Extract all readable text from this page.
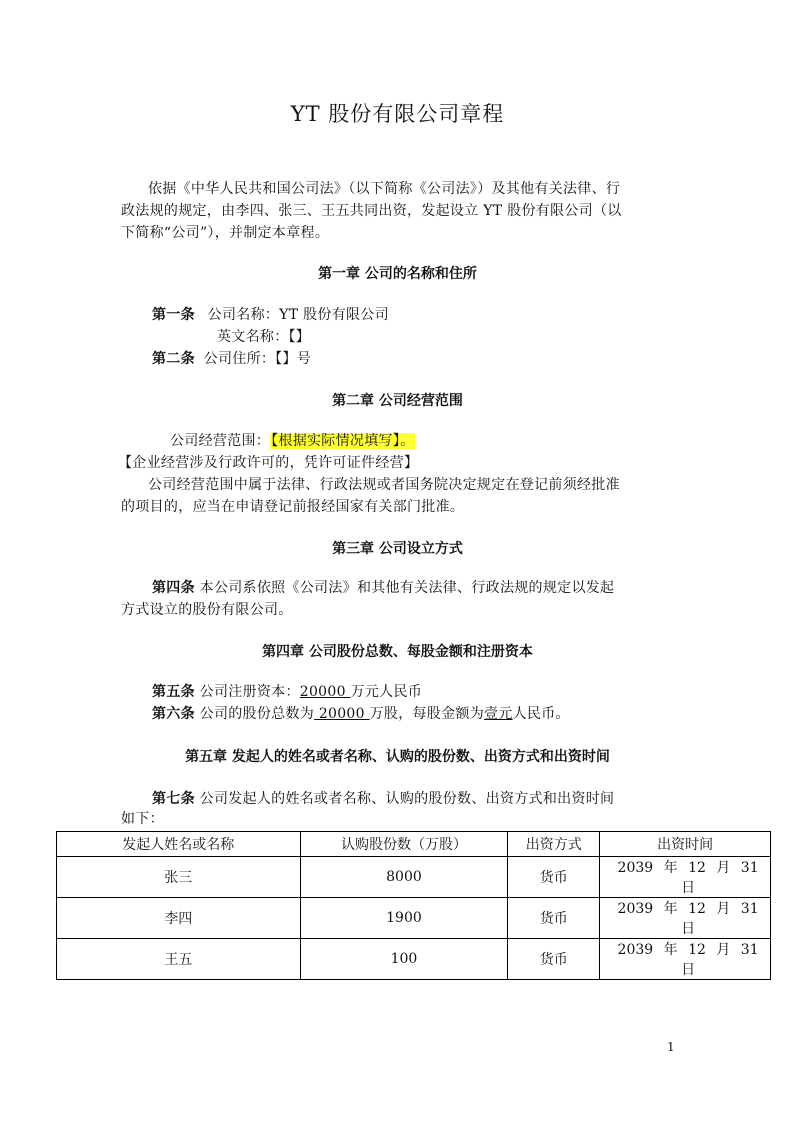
YT 股份有限公司章程
依据《中华人民共和国公司法》（以下简称《公司法》）及其他有关法律、行
政法规的规定，由李四、张三、王五共同出资，发起设立 YT 股份有限公司（以
下简称“公司”），并制定本章程。
第一章 公司的名称和住所
第一条 公司名称：YT 股份有限公司
英文名称：【】
第二条 公司住所：【】号
第二章 公司经营范围
公司经营范围：【根据实际情况填写】。
【企业经营涉及行政许可的，凭许可证件经营】
公司经营范围中属于法律、行政法规或者国务院决定规定在登记前须经批准
的项目的，应当在申请登记前报经国家有关部门批准。
第三章 公司设立方式
第四条 本公司系依照《公司法》和其他有关法律、行政法规的规定以发起
方式设立的股份有限公司。
第四章 公司股份总数、每股金额和注册资本
第五条 公司注册资本：20000 万元人民币
第六条 公司的股份总数为 20000 万股，每股金额为壹元人民币。
第五章 发起人的姓名或者名称、认购的股份数、出资方式和出资时间
第七条 公司发起人的姓名或者名称、认购的股份数、出资方式和出资时间
如下：
发起人姓名或名称	认购股份数（万股）	出资方式	出资时间
张三	8000	货币	2039 年 12 月 31 日
李四	1900	货币	2039 年 12 月 31 日
王五	100	货币	2039 年 12 月 31 日
1
